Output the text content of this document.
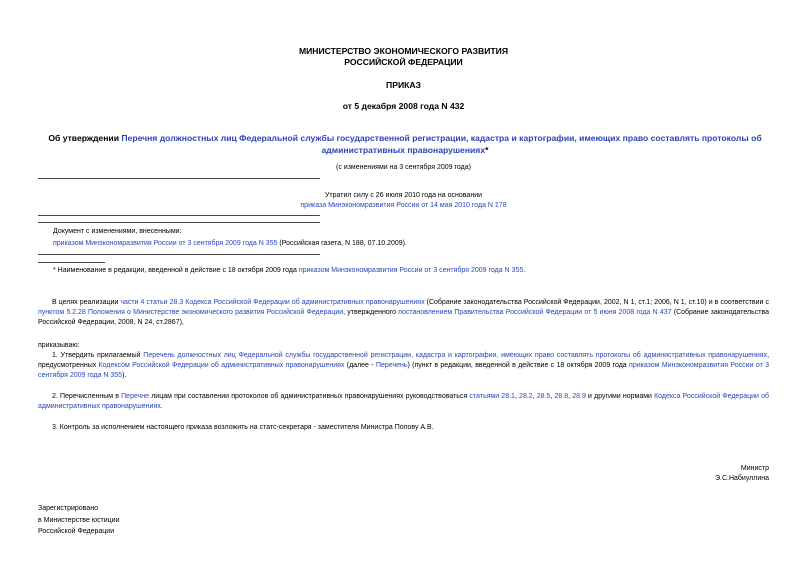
МИНИСТЕРСТВО ЭКОНОМИЧЕСКОГО РАЗВИТИЯ
РОССИЙСКОЙ ФЕДЕРАЦИИ
ПРИКАЗ
от 5 декабря 2008 года N 432
Об утверждении Перечня должностных лиц Федеральной службы государственной регистрации, кадастра и картографии, имеющих право составлять протоколы об административных правонарушениях*
(с изменениями на 3 сентября 2009 года)
Утратил силу с 26 июля 2010 года на основании
приказа Минэкономразвития России от 14 мая 2010 года N 178
Документ с изменениями, внесенными:
приказом Минэкономразвития России от 3 сентября 2009 года N 355 (Российская газета, N 188, 07.10.2009).
* Наименование в редакции, введенной в действие с 18 октября 2009 года приказом Минэкономразвития России от 3 сентября 2009 года N 355.
В целях реализации части 4 статьи 28.3 Кодекса Российской Федерации об административных правонарушениях (Собрание законодательства Российской Федерации, 2002, N 1, ст.1; 2006, N 1, ст.10) и в соответствии с пунктом 5.2.28 Положения о Министерстве экономического развития Российской Федерации, утвержденного постановлением Правительства Российской Федерации от 5 июня 2008 года N 437 (Собрание законодательства Российской Федерации, 2008, N 24, ст.2867),
приказываю:
1. Утвердить прилагаемый Перечень должностных лиц Федеральной службы государственной регистрации, кадастра и картографии, имеющих право составлять протоколы об административных правонарушениях, предусмотренных Кодексом Российской Федерации об административных правонарушениях (далее - Перечень) (пункт в редакции, введенной в действие с 18 октября 2009 года приказом Минэкономразвития России от 3 сентября 2009 года N 355).
2. Перечисленным в Перечне лицам при составлении протоколов об административных правонарушениях руководствоваться статьями 28.1, 28.2, 28.5, 28.8, 28.9 и другими нормами Кодекса Российской Федерации об административных правонарушениях.
3. Контроль за исполнением настоящего приказа возложить на статс-секретаря - заместителя Министра Попову А.В.
Министр
Э.С.Набиуллина
Зарегистрировано
в Министерстве юстиции
Российской Федерации
